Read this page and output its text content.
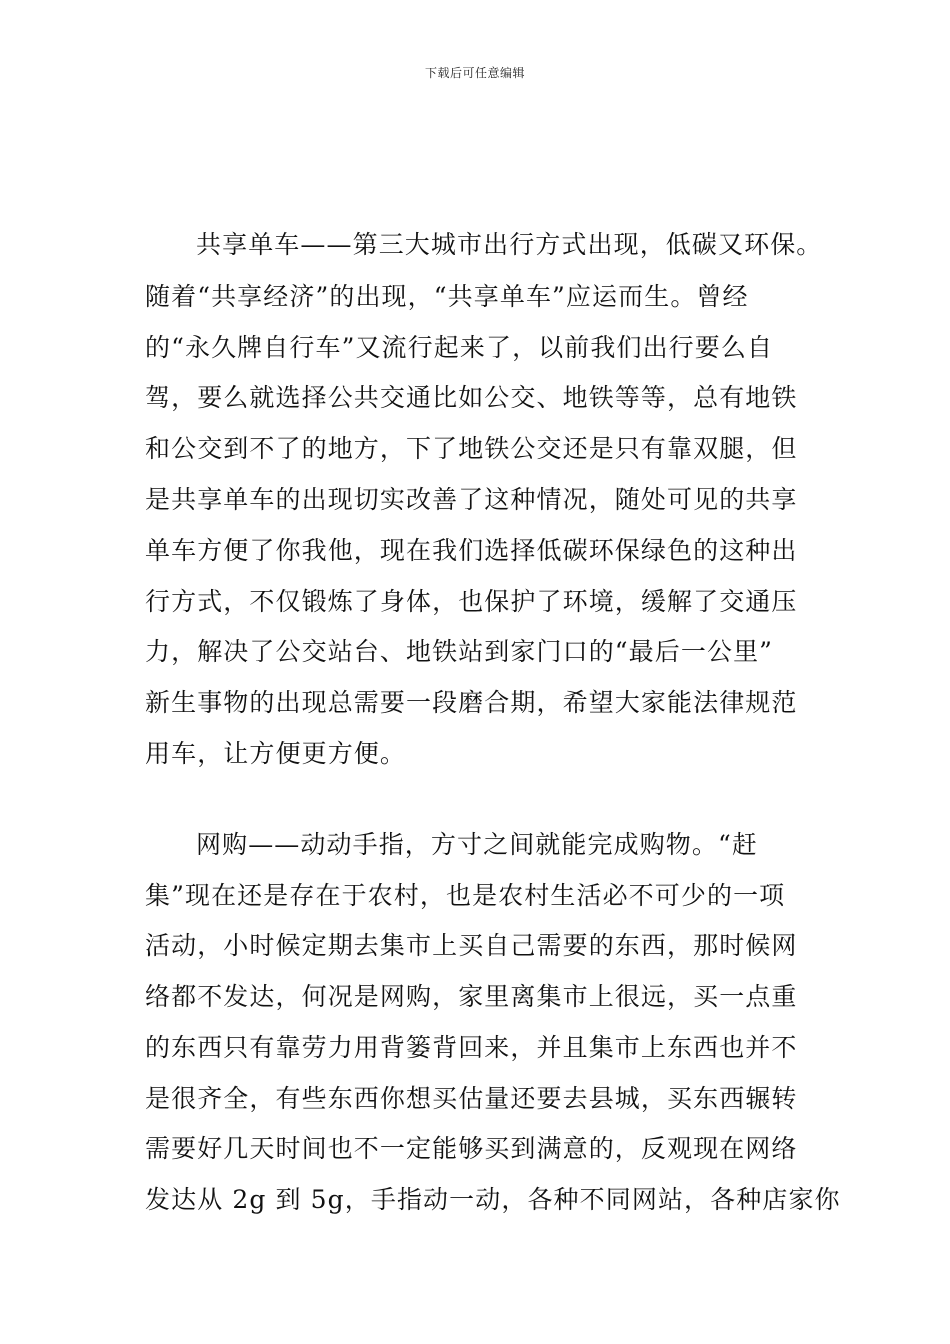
下载后可任意编辑
共享单车——第三大城市出行方式出现，低碳又环保。
随着“共享经济”的出现，“共享单车”应运而生。曾经
的“永久牌自行车”又流行起来了，以前我们出行要么自
驾，要么就选择公共交通比如公交、地铁等等，总有地铁
和公交到不了的地方，下了地铁公交还是只有靠双腿，但
是共享单车的出现切实改善了这种情况，随处可见的共享
单车方便了你我他，现在我们选择低碳环保绿色的这种出
行方式，不仅锻炼了身体，也保护了环境，缓解了交通压
力，解决了公交站台、地铁站到家门口的“最后一公里”
新生事物的出现总需要一段磨合期，希望大家能法律规范
用车，让方便更方便。
网购——动动手指，方寸之间就能完成购物。“赶
集”现在还是存在于农村，也是农村生活必不可少的一项
活动，小时候定期去集市上买自己需要的东西，那时候网
络都不发达，何况是网购，家里离集市上很远，买一点重
的东西只有靠劳力用背篓背回来，并且集市上东西也并不
是很齐全，有些东西你想买估量还要去县城，买东西辗转
需要好几天时间也不一定能够买到满意的，反观现在网络
发达从 2g 到 5g，手指动一动，各种不同网站，各种店家你
